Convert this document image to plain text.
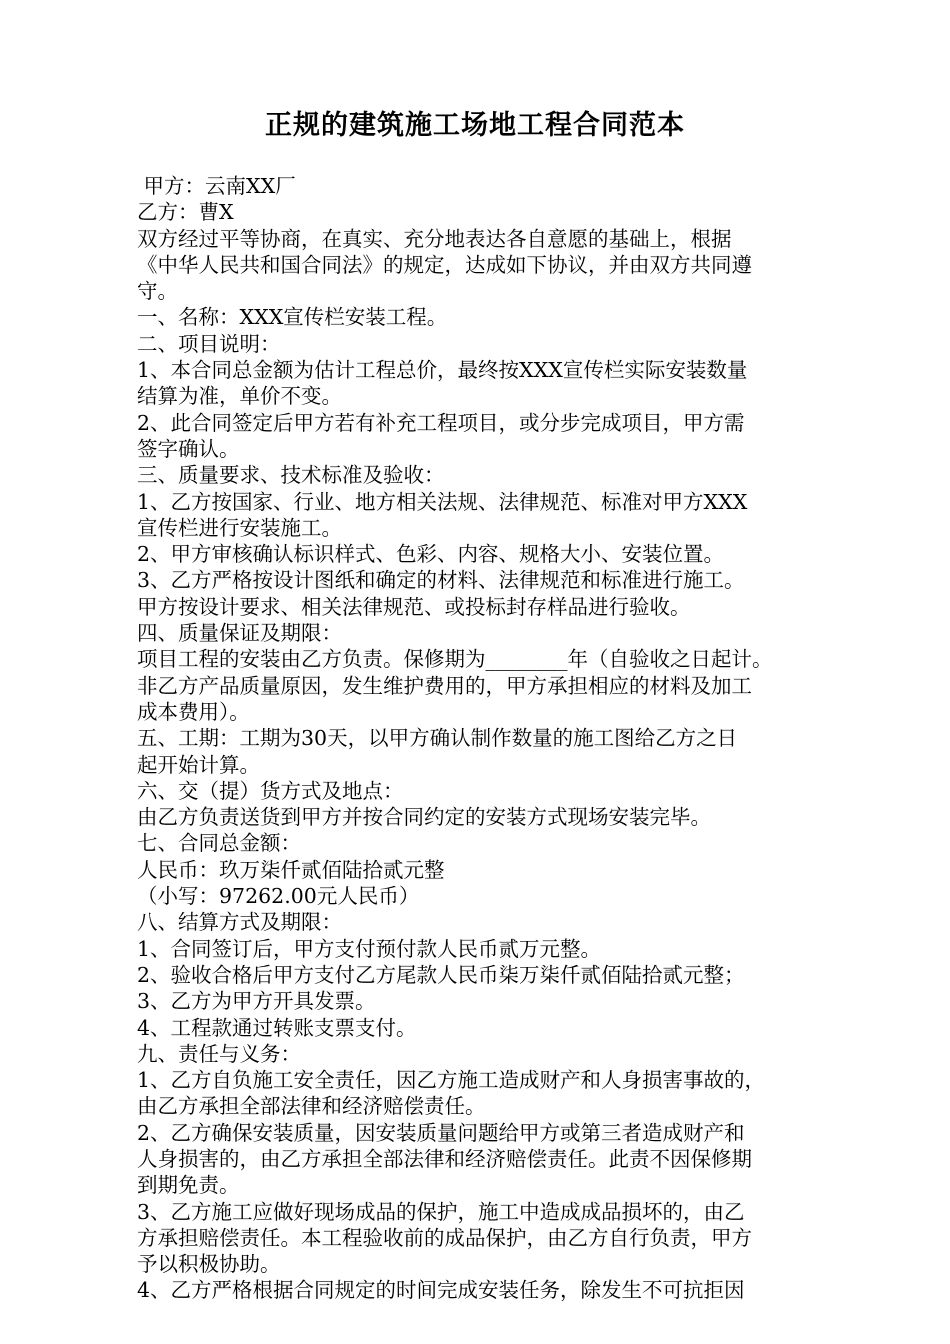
正规的建筑施工场地工程合同范本
甲方：云南XX厂
乙方：曹X
双方经过平等协商，在真实、充分地表达各自意愿的基础上，根据
《中华人民共和国合同法》的规定，达成如下协议，并由双方共同遵
守。
一、名称：XXX宣传栏安装工程。
二、项目说明：
1、本合同总金额为估计工程总价，最终按XXX宣传栏实际安装数量
结算为准，单价不变。
2、此合同签定后甲方若有补充工程项目，或分步完成项目，甲方需
签字确认。
三、质量要求、技术标准及验收：
1、乙方按国家、行业、地方相关法规、法律规范、标准对甲方XXX
宣传栏进行安装施工。
2、甲方审核确认标识样式、色彩、内容、规格大小、安装位置。
3、乙方严格按设计图纸和确定的材料、法律规范和标准进行施工。
甲方按设计要求、相关法律规范、或投标封存样品进行验收。
四、质量保证及期限：
项目工程的安装由乙方负责。保修期为________年（自验收之日起计。
非乙方产品质量原因，发生维护费用的，甲方承担相应的材料及加工
成本费用）。
五、工期：工期为30天，以甲方确认制作数量的施工图给乙方之日
起开始计算。
六、交（提）货方式及地点：
由乙方负责送货到甲方并按合同约定的安装方式现场安装完毕。
七、合同总金额：
人民币：玖万柒仟贰佰陆拾贰元整
（小写：97262.00元人民币）
八、结算方式及期限：
1、合同签订后，甲方支付预付款人民币贰万元整。
2、验收合格后甲方支付乙方尾款人民币柒万柒仟贰佰陆拾贰元整；
3、乙方为甲方开具发票。
4、工程款通过转账支票支付。
九、责任与义务：
1、乙方自负施工安全责任，因乙方施工造成财产和人身损害事故的，
由乙方承担全部法律和经济赔偿责任。
2、乙方确保安装质量，因安装质量问题给甲方或第三者造成财产和
人身损害的，由乙方承担全部法律和经济赔偿责任。此责不因保修期
到期免责。
3、乙方施工应做好现场成品的保护，施工中造成成品损坏的，由乙
方承担赔偿责任。本工程验收前的成品保护，由乙方自行负责，甲方
予以积极协助。
4、乙方严格根据合同规定的时间完成安装任务，除发生不可抗拒因
